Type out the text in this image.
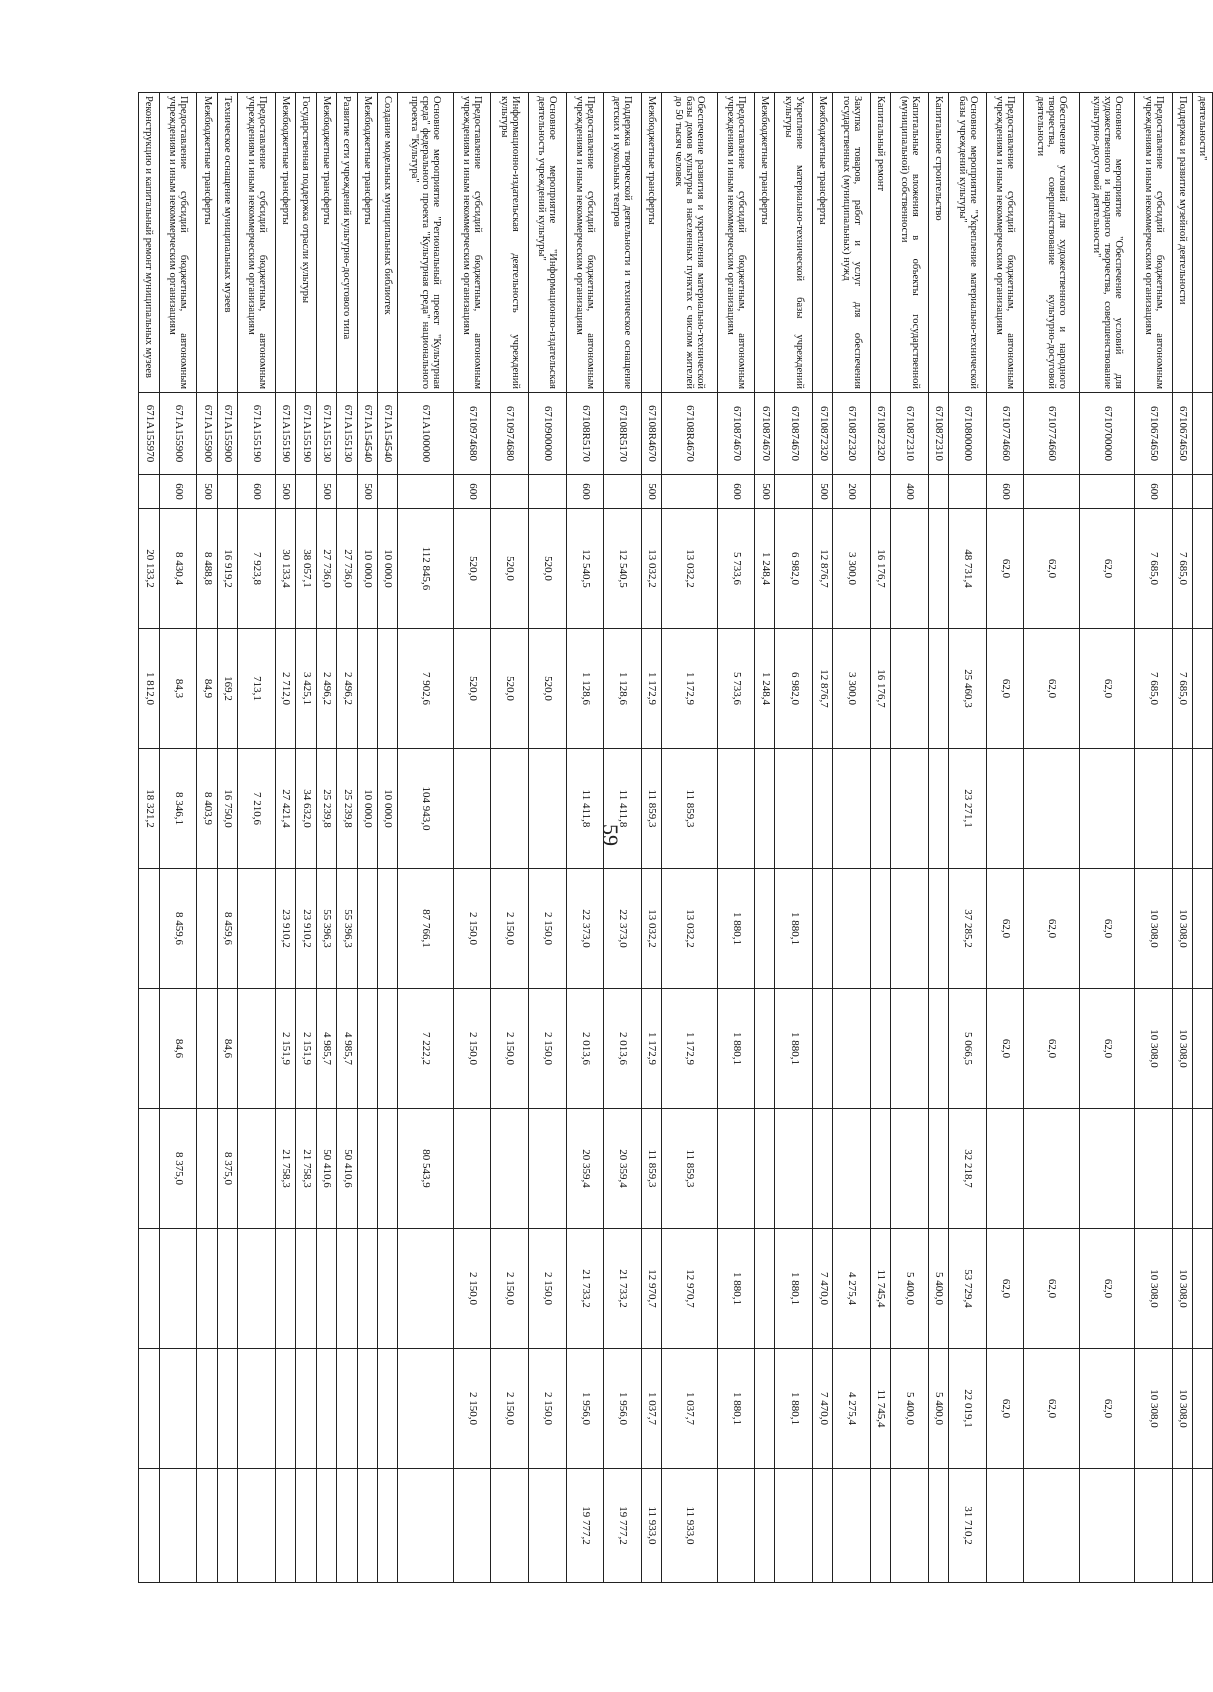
59
деятельности"											
Поддержка и развитие музейной деятельности	6710674650		7 685,0	7 685,0		10 308,0	10 308,0		10 308,0	10 308,0	
Предоставление субсидий бюджетным, автономным учреждениям и иным некоммерческим организациям	6710674650	600	7 685,0	7 685,0		10 308,0	10 308,0		10 308,0	10 308,0	
Основное мероприятие "Обеспечение условий для художественного и народного творчества, совершенствование культурно-досуговой деятельности"	6710700000		62,0	62,0		62,0	62,0		62,0	62,0	
Обеспечение условий для художественного и народного творчества, совершенствование культурно-досуговой деятельности	6710774660		62,0	62,0		62,0	62,0		62,0	62,0	
Предоставление субсидий бюджетным, автономным учреждениям и иным некоммерческим организациям	6710774660	600	62,0	62,0		62,0	62,0		62,0	62,0	
Основное мероприятие "Укрепление материально-технической базы учреждений культуры"	6710800000		48 731,4	25 460,3	23 271,1	37 285,2	5 066,5	32 218,7	53 729,4	22 019,1	31 710,2
Капитальное строительство	6710872310								5 400,0	5 400,0	
Капитальные вложения в объекты государственной (муниципальной) собственности	6710872310	400							5 400,0	5 400,0	
Капитальный ремонт	6710872320		16 176,7	16 176,7					11 745,4	11 745,4	
Закупка товаров, работ и услуг для обеспечения государственных (муниципальных) нужд	6710872320	200	3 300,0	3 300,0					4 275,4	4 275,4	
Межбюджетные трансферты	6710872320	500	12 876,7	12 876,7					7 470,0	7 470,0	
Укрепление материально-технической базы учреждений культуры	6710874670		6 982,0	6 982,0		1 880,1	1 880,1		1 880,1	1 880,1	
Межбюджетные трансферты	6710874670	500	1 248,4	1 248,4							
Предоставление субсидий бюджетным, автономным учреждениям и иным некоммерческим организациям	6710874670	600	5 733,6	5 733,6		1 880,1	1 880,1		1 880,1	1 880,1	
Обеспечение развития и укрепления материально-технической базы домов культуры в населенных пунктах с числом жителей до 50 тысяч человек	67108R4670		13 032,2	1 172,9	11 859,3	13 032,2	1 172,9	11 859,3	12 970,7	1 037,7	11 933,0
Межбюджетные трансферты	67108R4670	500	13 032,2	1 172,9	11 859,3	13 032,2	1 172,9	11 859,3	12 970,7	1 037,7	11 933,0
Поддержка творческой деятельности и техническое оснащение детских и кукольных театров	67108R5170		12 540,5	1 128,6	11 411,8	22 373,0	2 013,6	20 359,4	21 733,2	1 956,0	19 777,2
Предоставление субсидий бюджетным, автономным учреждениям и иным некоммерческим организациям	67108R5170	600	12 540,5	1 128,6	11 411,8	22 373,0	2 013,6	20 359,4	21 733,2	1 956,0	19 777,2
Основное мероприятие "Информационно-издательская деятельность учреждений культуры"	6710900000		520,0	520,0		2 150,0	2 150,0		2 150,0	2 150,0	
Информационно-издательская деятельность учреждений культуры	6710974680		520,0	520,0		2 150,0	2 150,0		2 150,0	2 150,0	
Предоставление субсидий бюджетным, автономным учреждениям и иным некоммерческим организациям	6710974680	600	520,0	520,0		2 150,0	2 150,0		2 150,0	2 150,0	
Основное мероприятие "Региональный проект "Культурная среда" федерального проекта "Культурная среда" национального проекта "Культура"	671A100000		112 845,6	7 902,6	104 943,0	87 766,1	7 222,2	80 543,9			
Создание модельных муниципальных библиотек	671A154540		10 000,0		10 000,0						
Межбюджетные трансферты	671A154540	500	10 000,0		10 000,0						
Развитие сети учреждений культурно-досугового типа	671A155130		27 736,0	2 496,2	25 239,8	55 396,3	4 985,7	50 410,6			
Межбюджетные трансферты	671A155130	500	27 736,0	2 496,2	25 239,8	55 396,3	4 985,7	50 410,6			
Государственная поддержка отрасли культуры	671A155190		38 057,1	3 425,1	34 632,0	23 910,2	2 151,9	21 758,3			
Межбюджетные трансферты	671A155190	500	30 133,4	2 712,0	27 421,4	23 910,2	2 151,9	21 758,3			
Предоставление субсидий бюджетным, автономным учреждениям и иным некоммерческим организациям	671A155190	600	7 923,8	713,1	7 210,6						
Техническое оснащение муниципальных музеев	671A155900		16 919,2	169,2	16 750,0	8 459,6	84,6	8 375,0			
Межбюджетные трансферты	671A155900	500	8 488,8	84,9	8 403,9						
Предоставление субсидий бюджетным, автономным учреждениям и иным некоммерческим организациям	671A155900	600	8 430,4	84,3	8 346,1	8 459,6	84,6	8 375,0			
Реконструкцию и капитальный ремонт муниципальных музеев	671A155970		20 133,2	1 812,0	18 321,2						
